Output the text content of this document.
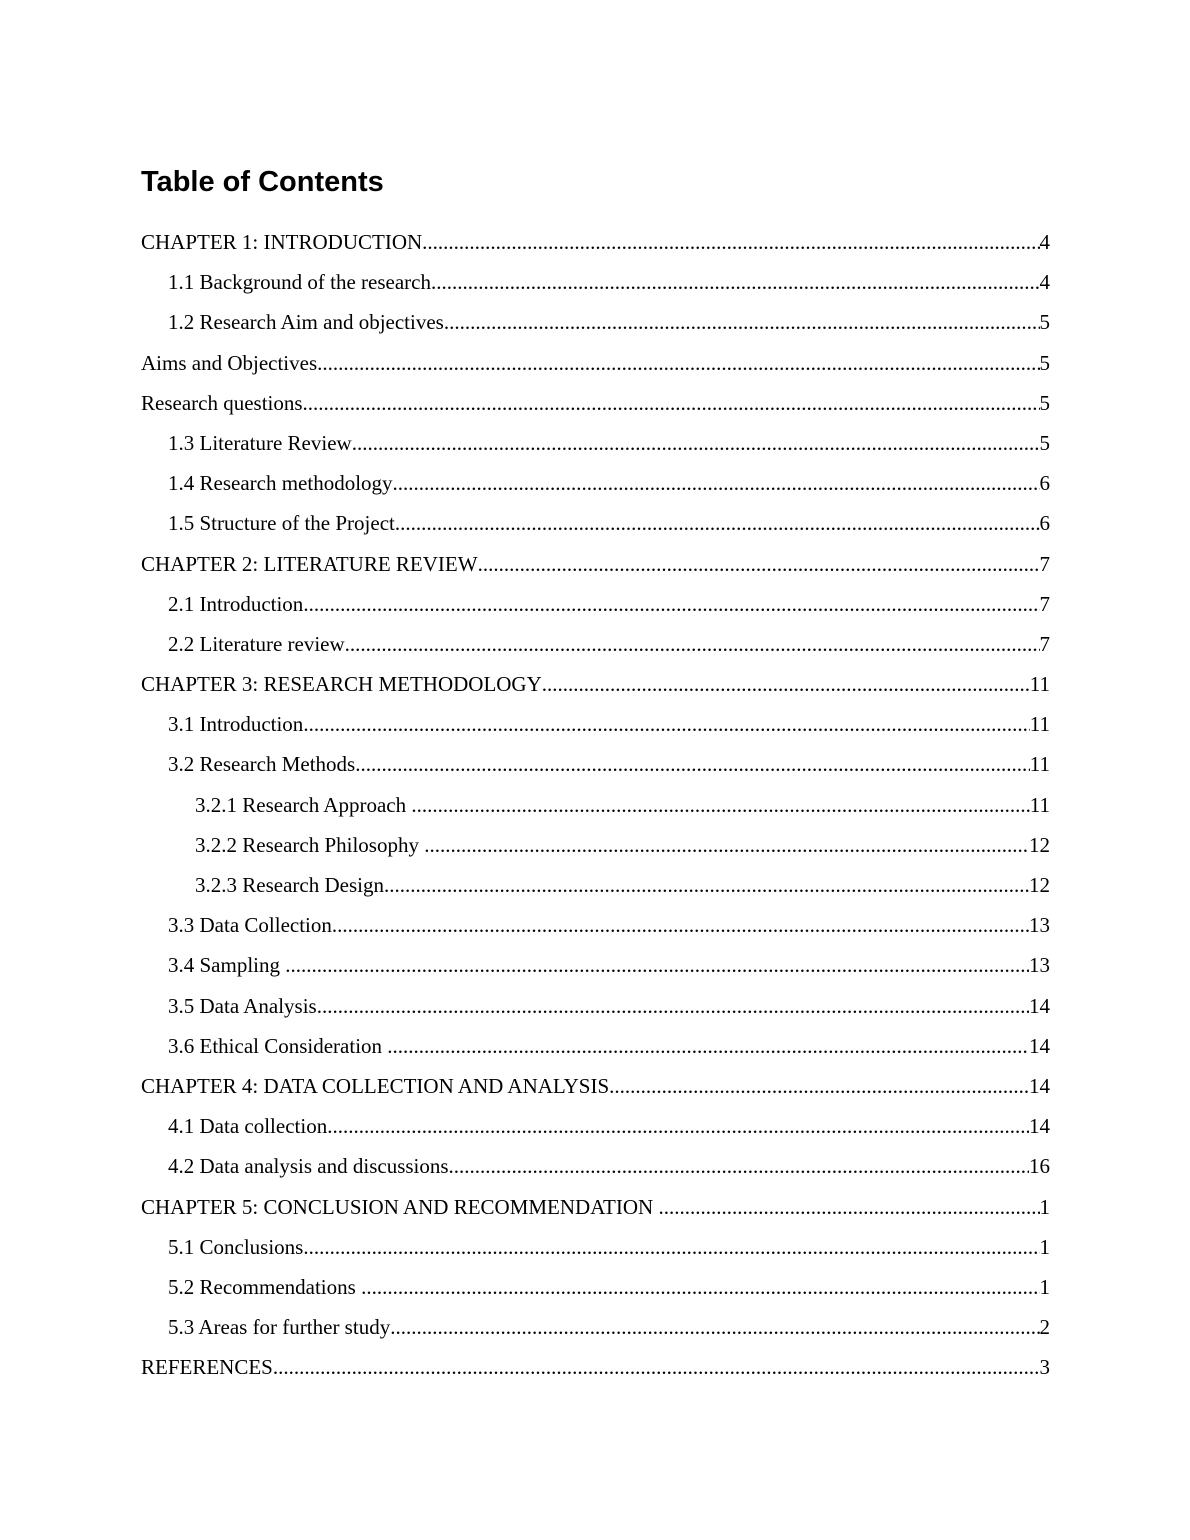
Table of Contents
CHAPTER 1: INTRODUCTION .....	4
1.1 Background of the research .....	4
1.2 Research Aim and objectives .....	5
Aims and Objectives .....	5
Research questions .....	5
1.3 Literature Review .....	5
1.4 Research methodology .....	6
1.5 Structure of the Project .....	6
CHAPTER 2: LITERATURE REVIEW .....	7
2.1 Introduction .....	7
2.2 Literature review .....	7
CHAPTER 3: RESEARCH METHODOLOGY .....	11
3.1 Introduction .....	11
3.2 Research Methods .....	11
3.2.1 Research Approach .....	11
3.2.2 Research Philosophy .....	12
3.2.3 Research Design .....	12
3.3 Data Collection .....	13
3.4 Sampling .....	13
3.5 Data Analysis .....	14
3.6 Ethical Consideration .....	14
CHAPTER 4: DATA COLLECTION AND ANALYSIS .....	14
4.1 Data collection .....	14
4.2 Data analysis and discussions .....	16
CHAPTER 5: CONCLUSION AND RECOMMENDATION .....	1
5.1 Conclusions .....	1
5.2 Recommendations .....	1
5.3 Areas for further study .....	2
REFERENCES .....	3
